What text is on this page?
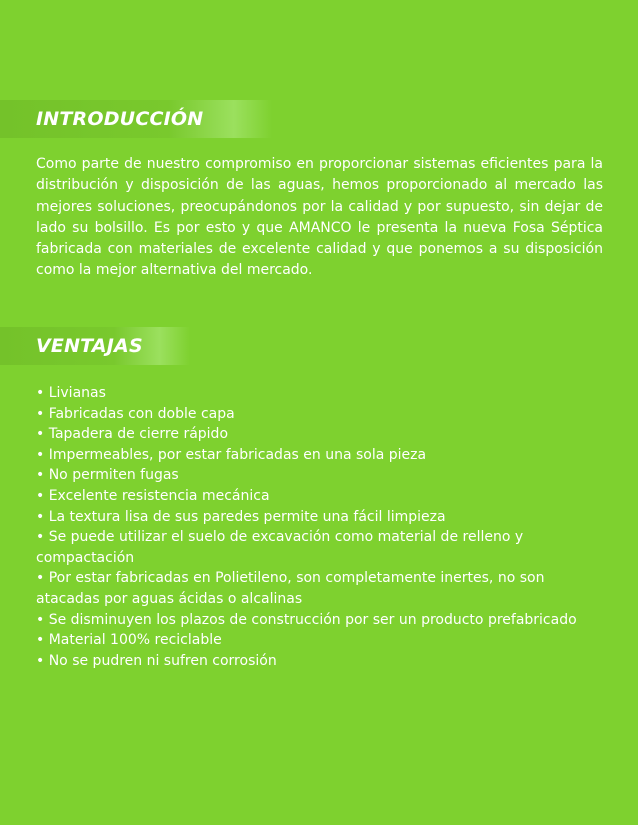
INTRODUCCIÓN

Como parte de nuestro compromiso en proporcionar sistemas eficientes para la distribución y disposición de las aguas, hemos proporcionado al mercado las mejores soluciones, preocupándonos por la calidad y por supuesto, sin dejar de lado su bolsillo. Es por esto y que AMANCO le presenta la nueva Fosa Séptica fabricada con materiales de excelente calidad y que ponemos a su disposición como la mejor alternativa del mercado.

VENTAJAS
• Livianas
• Fabricadas con doble capa
• Tapadera de cierre rápido
• Impermeables, por estar fabricadas en una sola pieza
• No permiten fugas
• Excelente resistencia mecánica
• La textura lisa de sus paredes permite una fácil limpieza
• Se puede utilizar el suelo de excavación como material de relleno y compactación
• Por estar fabricadas en Polietileno, son completamente inertes, no son atacadas por aguas ácidas o alcalinas
• Se disminuyen los plazos de construcción por ser un producto prefabricado
• Material 100% reciclable
• No se pudren ni sufren corrosión
